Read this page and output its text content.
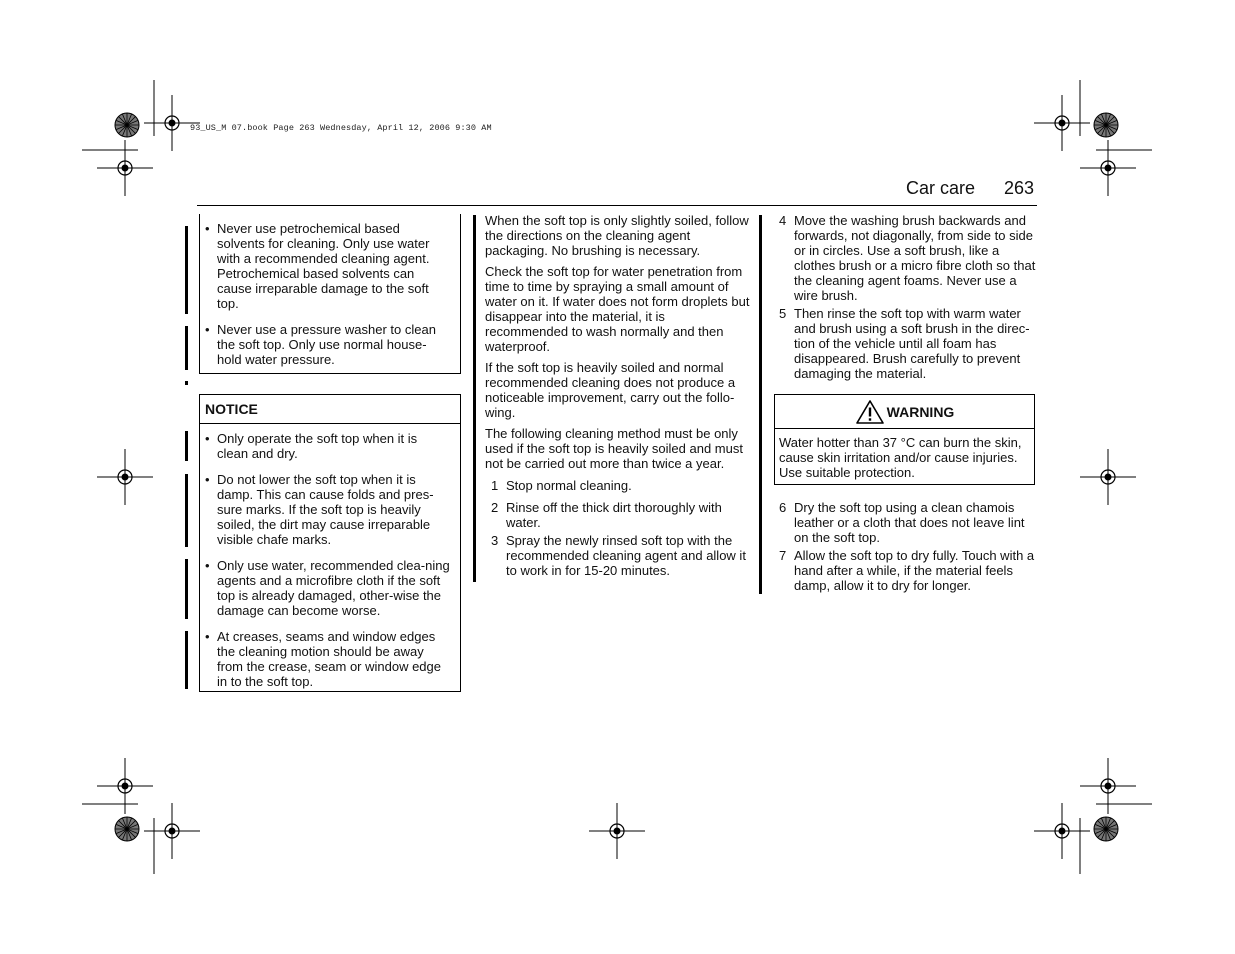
93_US_M 07.book Page 263 Wednesday, April 12, 2006 9:30 AM
Car care 263
• Never use petrochemical based solvents for cleaning. Only use water with a recommended cleaning agent. Petrochemical based solvents can cause irreparable damage to the soft top.
• Never use a pressure washer to clean the soft top. Only use normal house-hold water pressure.
NOTICE
• Only operate the soft top when it is clean and dry.
• Do not lower the soft top when it is damp. This can cause folds and pres-sure marks. If the soft top is heavily soiled, the dirt may cause irreparable visible chafe marks.
• Only use water, recommended clea-ning agents and a microfibre cloth if the soft top is already damaged, other-wise the damage can become worse.
• At creases, seams and window edges the cleaning motion should be away from the crease, seam or window edge in to the soft top.

When the soft top is only slightly soiled, follow the directions on the cleaning agent packaging. No brushing is necessary.

Check the soft top for water penetration from time to time by spraying a small amount of water on it. If water does not form droplets but disappear into the material, it is recommended to wash normally and then waterproof.

If the soft top is heavily soiled and normal recommended cleaning does not produce a noticeable improvement, carry out the follo-wing.

The following cleaning method must be only used if the soft top is heavily soiled and must not be carried out more than twice a year.

1 Stop normal cleaning.
2 Rinse off the thick dirt thoroughly with water.
3 Spray the newly rinsed soft top with the recommended cleaning agent and allow it to work in for 15-20 minutes.
4 Move the washing brush backwards and forwards, not diagonally, from side to side or in circles. Use a soft brush, like a clothes brush or a micro fibre cloth so that the cleaning agent foams. Never use a wire brush.
5 Then rinse the soft top with warm water and brush using a soft brush in the direc-tion of the vehicle until all foam has disappeared. Brush carefully to prevent damaging the material.
WARNING
Water hotter than 37 °C can burn the skin, cause skin irritation and/or cause injuries. Use suitable protection.
6 Dry the soft top using a clean chamois leather or a cloth that does not leave lint on the soft top.
7 Allow the soft top to dry fully. Touch with a hand after a while, if the material feels damp, allow it to dry for longer.
